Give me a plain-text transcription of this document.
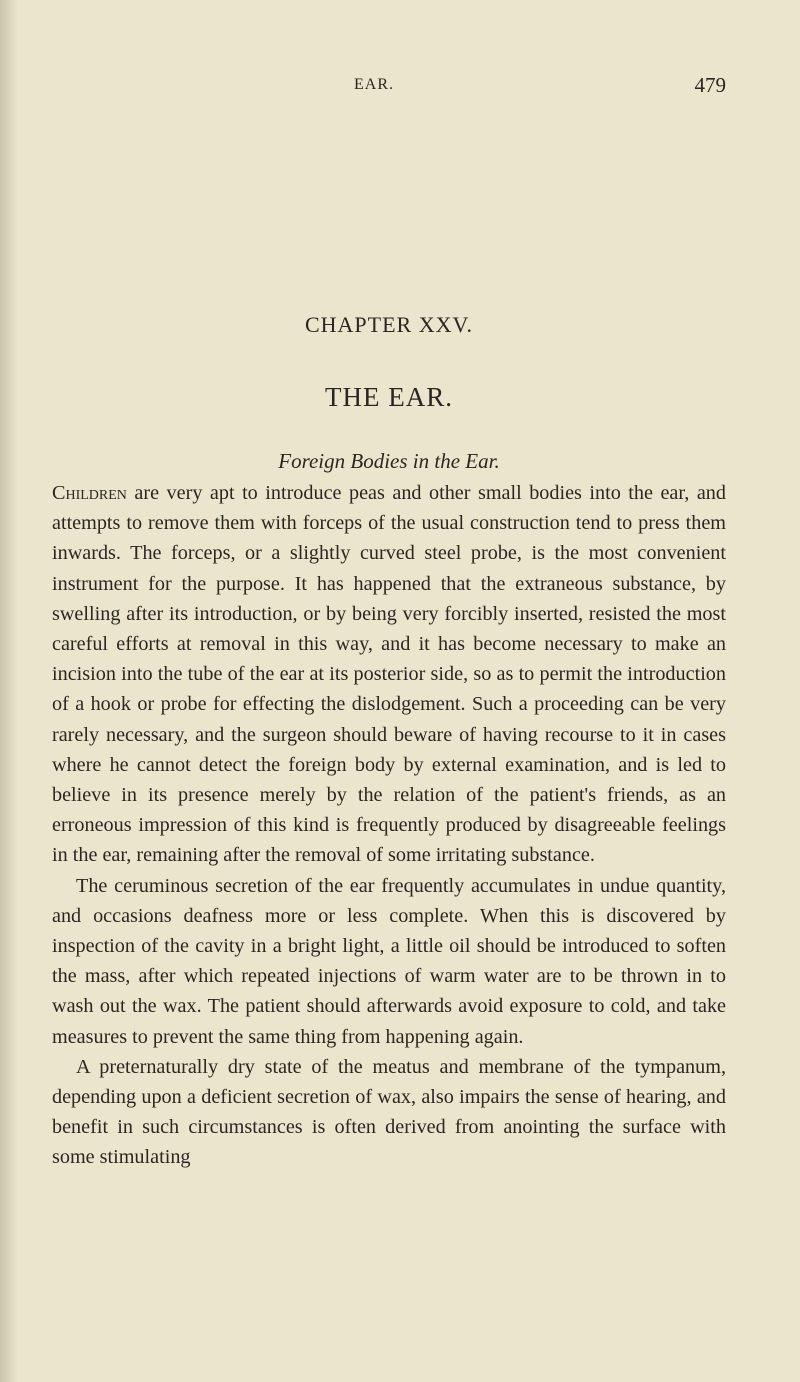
EAR.	479
CHAPTER XXV.
THE EAR.
Foreign Bodies in the Ear.

Children are very apt to introduce peas and other small bodies into the ear, and attempts to remove them with forceps of the usual construction tend to press them inwards. The forceps, or a slightly curved steel probe, is the most convenient instrument for the purpose. It has happened that the extraneous substance, by swelling after its introduction, or by being very forcibly inserted, resisted the most careful efforts at removal in this way, and it has become necessary to make an incision into the tube of the ear at its posterior side, so as to permit the introduction of a hook or probe for effecting the dislodgement. Such a proceeding can be very rarely necessary, and the surgeon should beware of having recourse to it in cases where he cannot detect the foreign body by external examination, and is led to believe in its presence merely by the relation of the patient's friends, as an erroneous impression of this kind is frequently produced by disagreeable feelings in the ear, remaining after the removal of some irritating substance.

The ceruminous secretion of the ear frequently accumulates in undue quantity, and occasions deafness more or less complete. When this is discovered by inspection of the cavity in a bright light, a little oil should be introduced to soften the mass, after which repeated injections of warm water are to be thrown in to wash out the wax. The patient should afterwards avoid exposure to cold, and take measures to prevent the same thing from happening again.

A preternaturally dry state of the meatus and membrane of the tympanum, depending upon a deficient secretion of wax, also impairs the sense of hearing, and benefit in such circumstances is often derived from anointing the surface with some stimulating
